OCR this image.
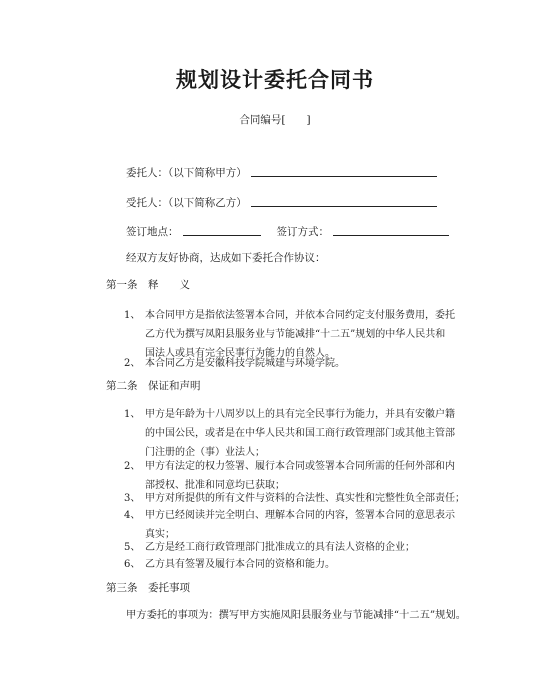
规划设计委托合同书
合同编号[　　]
委托人：（以下简称甲方）
受托人：（以下简称乙方）
签订地点：	签订方式：
经双方友好协商，达成如下委托合作协议：
第一条　释　　义
1、 本合同甲方是指依法签署本合同，并依本合同约定支付服务费用，委托
乙方代为撰写凤阳县服务业与节能减排“十二五”规划的中华人民共和
国法人或具有完全民事行为能力的自然人。
2、 本合同乙方是安徽科技学院城建与环境学院。
第二条　保证和声明
1、 甲方是年龄为十八周岁以上的具有完全民事行为能力，并具有安徽户籍
的中国公民，或者是在中华人民共和国工商行政管理部门或其他主管部
门注册的企（事）业法人；
2、 甲方有法定的权力签署、履行本合同或签署本合同所需的任何外部和内
部授权、批准和同意均已获取；
3、 甲方对所提供的所有文件与资料的合法性、真实性和完整性负全部责任；
4、 甲方已经阅读并完全明白、理解本合同的内容，签署本合同的意思表示
真实；
5、 乙方是经工商行政管理部门批准成立的具有法人资格的企业；
6、 乙方具有签署及履行本合同的资格和能力。
第三条　委托事项
甲方委托的事项为：撰写甲方实施凤阳县服务业与节能减排“十二五”规划。
